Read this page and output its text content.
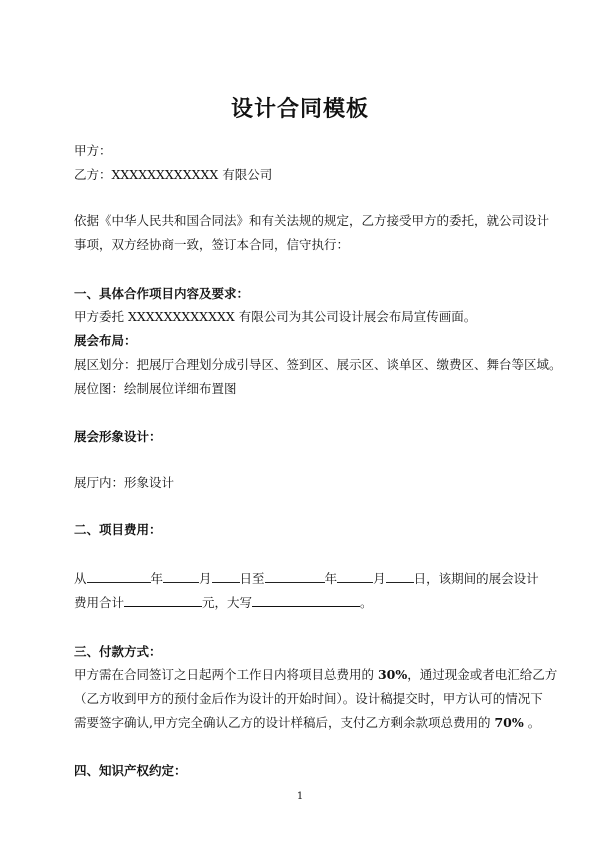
设计合同模板
甲方：
乙方：XXXXXXXXXXXX 有限公司
依据《中华人民共和国合同法》和有关法规的规定，乙方接受甲方的委托，就公司设计
事项，双方经协商一致，签订本合同，信守执行：
一、具体合作项目内容及要求：
甲方委托 XXXXXXXXXXXX 有限公司为其公司设计展会布局宣传画面。
展会布局：
展区划分：把展厅合理划分成引导区、签到区、展示区、谈单区、缴费区、舞台等区域。
展位图：绘制展位详细布置图
展会形象设计：
展厅内：形象设计
二、项目费用：
从	年	月 日至	年	月 日，该期间的展会设计
费用合计	元，大写	。
三、付款方式：
甲方需在合同签订之日起两个工作日内将项目总费用的 30%，通过现金或者电汇给乙方
（乙方收到甲方的预付金后作为设计的开始时间）。设计稿提交时，甲方认可的情况下
需要签字确认,甲方完全确认乙方的设计样稿后，支付乙方剩余款项总费用的 70% 。
四、知识产权约定：
1
